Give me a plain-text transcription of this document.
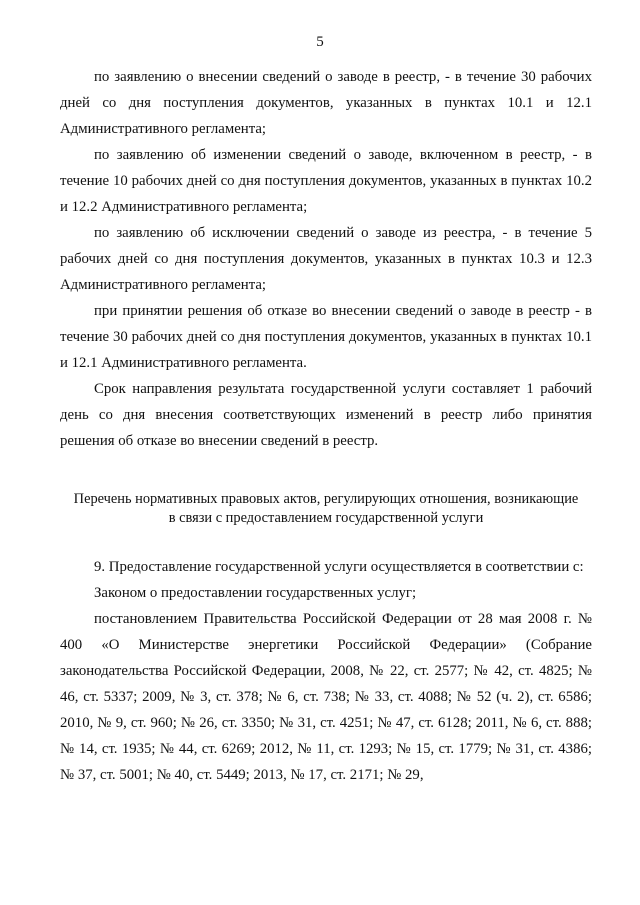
5

по заявлению о внесении сведений о заводе в реестр, - в течение 30 рабочих дней со дня поступления документов, указанных в пунктах 10.1 и 12.1 Административного регламента;

по заявлению об изменении сведений о заводе, включенном в реестр, - в течение 10 рабочих дней со дня поступления документов, указанных в пунктах 10.2 и 12.2 Административного регламента;

по заявлению об исключении сведений о заводе из реестра, - в течение 5 рабочих дней со дня поступления документов, указанных в пунктах 10.3 и 12.3 Административного регламента;

при принятии решения об отказе во внесении сведений о заводе в реестр - в течение 30 рабочих дней со дня поступления документов, указанных в пунктах 10.1 и 12.1 Административного регламента.

Срок направления результата государственной услуги составляет 1 рабочий день со дня внесения соответствующих изменений в реестр либо принятия решения об отказе во внесении сведений в реестр.

Перечень нормативных правовых актов, регулирующих отношения, возникающие
в связи с предоставлением государственной услуги

9. Предоставление государственной услуги осуществляется в соответствии с:

Законом о предоставлении государственных услуг;

постановлением Правительства Российской Федерации от 28 мая 2008 г. № 400 «О Министерстве энергетики Российской Федерации» (Собрание законодательства Российской Федерации, 2008, № 22, ст. 2577; № 42, ст. 4825; № 46, ст. 5337; 2009, № 3, ст. 378; № 6, ст. 738; № 33, ст. 4088; № 52 (ч. 2), ст. 6586; 2010, № 9, ст. 960; № 26, ст. 3350; № 31, ст. 4251; № 47, ст. 6128; 2011, № 6, ст. 888; № 14, ст. 1935; № 44, ст. 6269; 2012, № 11, ст. 1293; № 15, ст. 1779; № 31, ст. 4386; № 37, ст. 5001; № 40, ст. 5449; 2013, № 17, ст. 2171; № 29,
